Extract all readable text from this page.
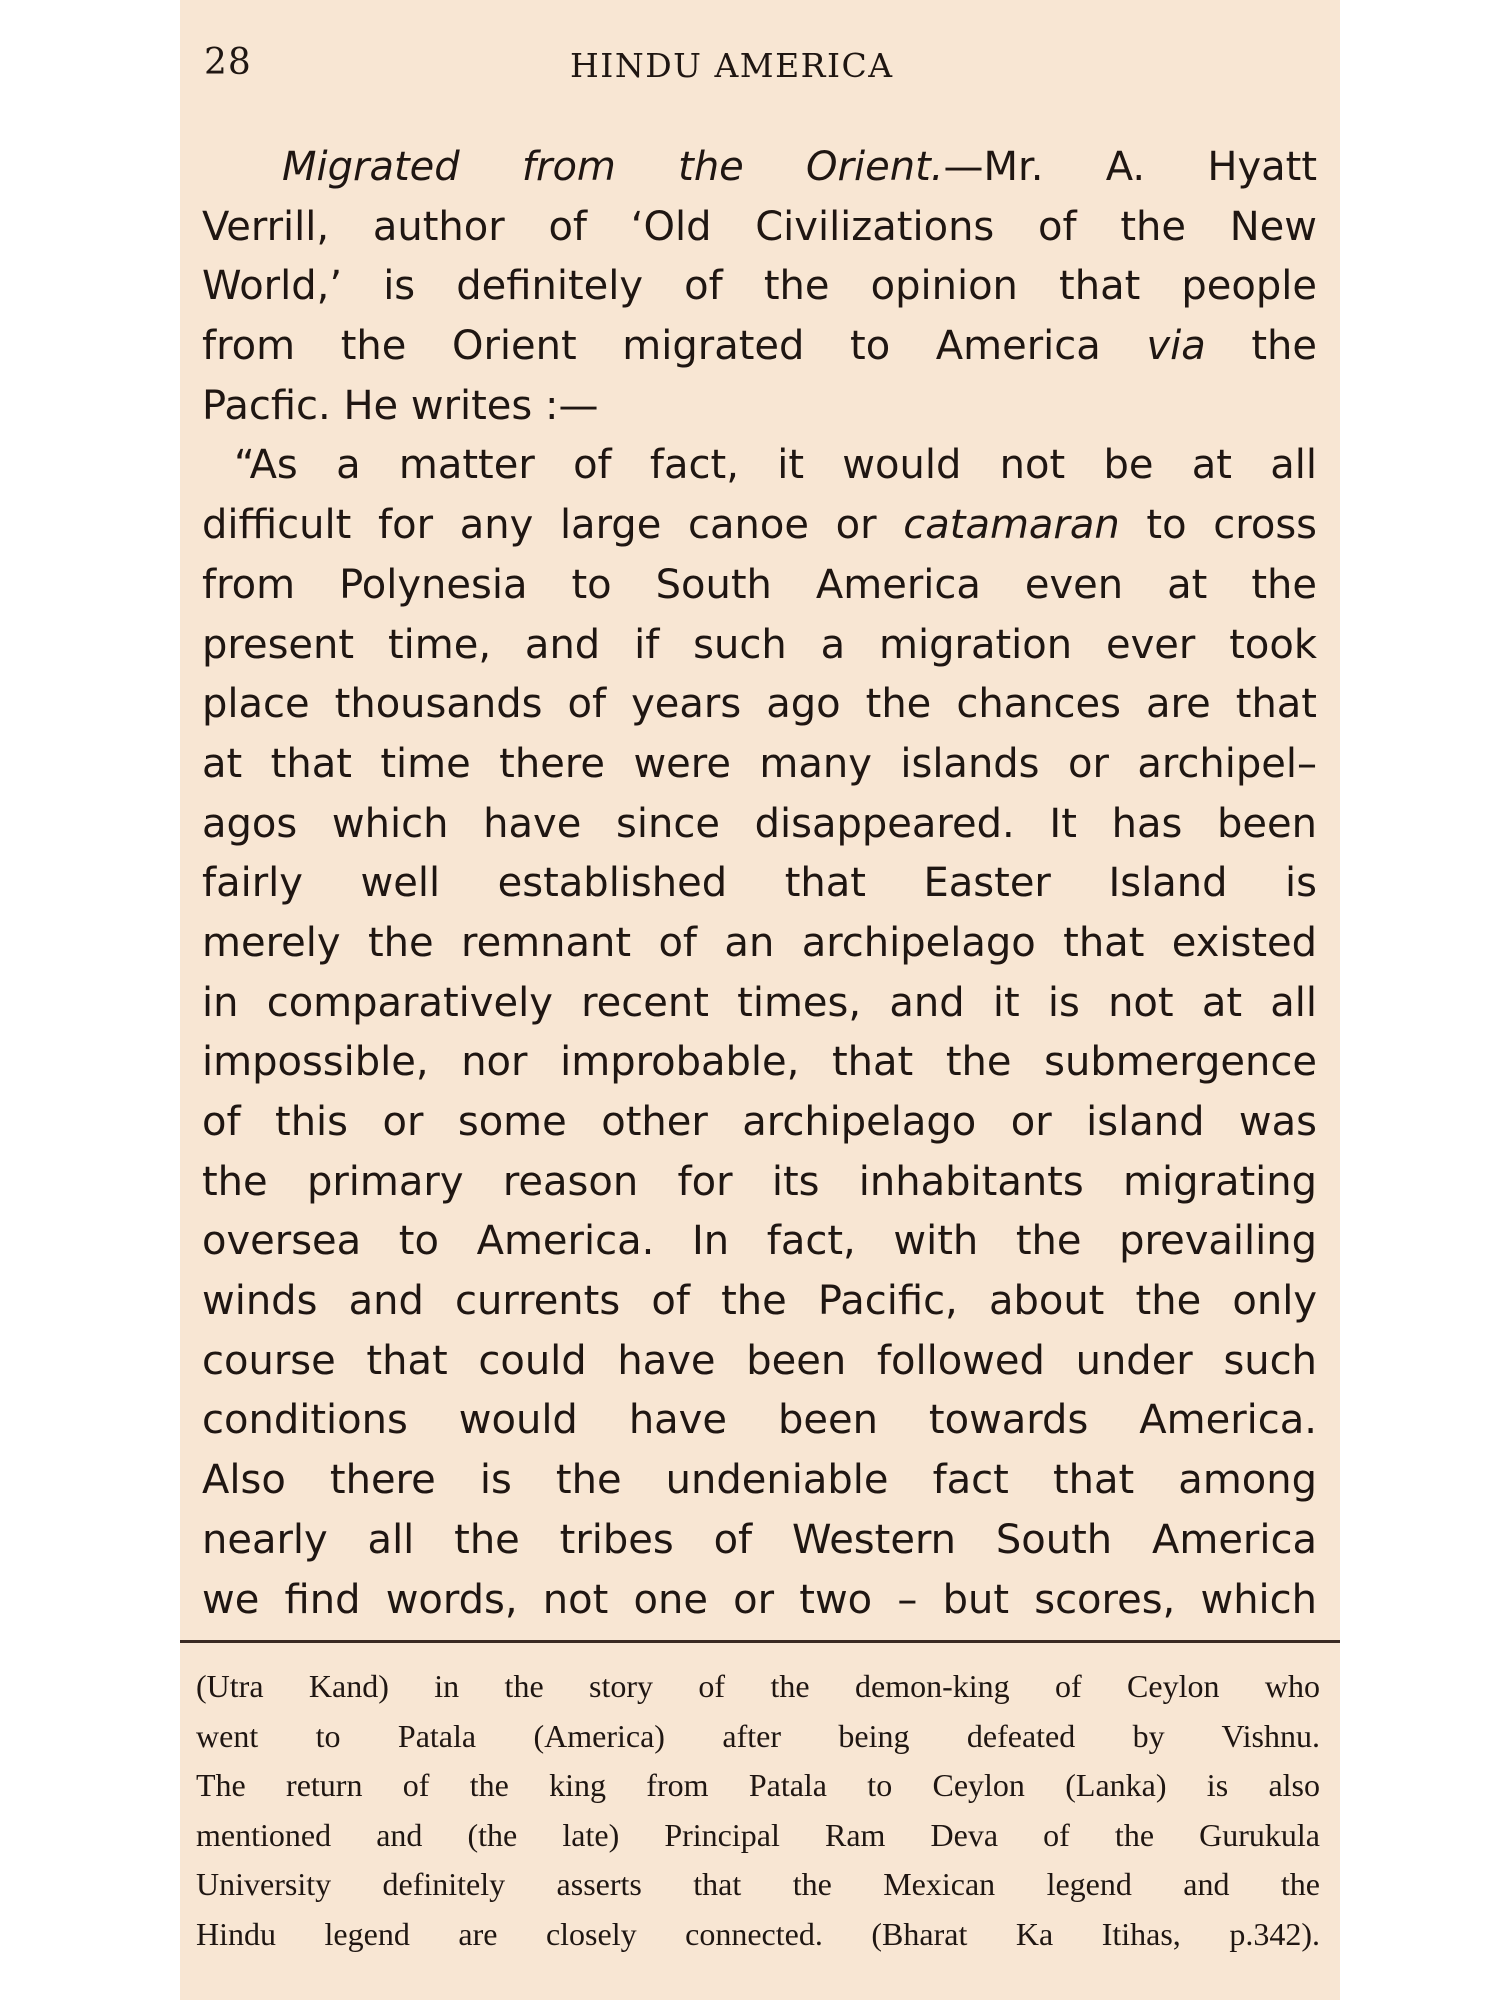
28	HINDU AMERICA
Migrated from the Orient.—Mr. A. Hyatt
Verrill, author of ‘Old Civilizations of the New
World,’ is definitely of the opinion that people
from the Orient migrated to America via the
Pacfic. He writes :—
“As a matter of fact, it would not be at all
difficult for any large canoe or catamaran to cross
from Polynesia to South America even at the
present time, and if such a migration ever took
place thousands of years ago the chances are that
at that time there were many islands or archipel–
agos which have since disappeared. It has been
fairly well established that Easter Island is
merely the remnant of an archipelago that existed
in comparatively recent times, and it is not at all
impossible, nor improbable, that the submergence
of this or some other archipelago or island was
the primary reason for its inhabitants migrating
oversea to America. In fact, with the prevailing
winds and currents of the Pacific, about the only
course that could have been followed under such
conditions would have been towards America.
Also there is the undeniable fact that among
nearly all the tribes of Western South America
we find words, not one or two – but scores, which
(Utra Kand) in the story of the demon-king of Ceylon who
went to Patala (America) after being defeated by Vishnu.
The return of the king from Patala to Ceylon (Lanka) is also
mentioned and (the late) Principal Ram Deva of the Gurukula
University definitely asserts that the Mexican legend and the
Hindu legend are closely connected. (Bharat Ka Itihas, p.342).
